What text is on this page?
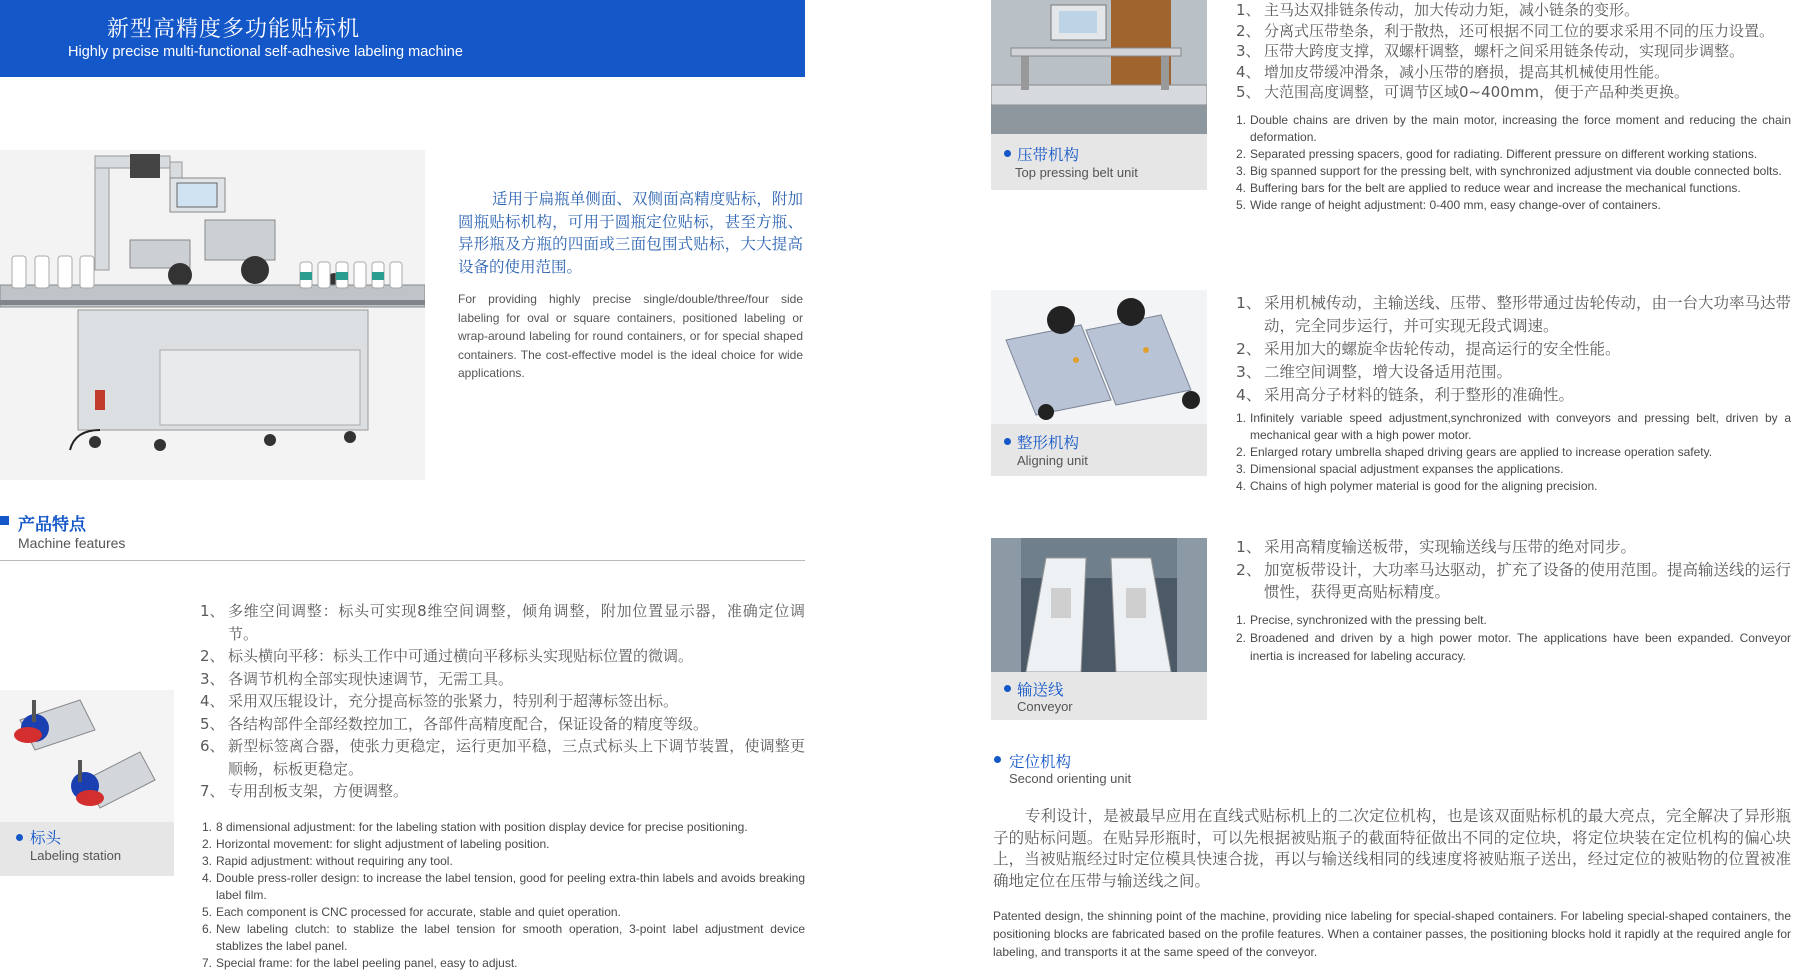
新型高精度多功能贴标机
Highly precise multi-functional self-adhesive labeling machine
适用于扁瓶单侧面、双侧面高精度贴标，附加圆瓶贴标机构，可用于圆瓶定位贴标，甚至方瓶、异形瓶及方瓶的四面或三面包围式贴标，大大提高设备的使用范围。
For providing highly precise single/double/three/four side labeling for oval or square containers, positioned labeling or wrap-around labeling for round containers, or for special shaped containers. The cost-effective model is the ideal choice for wide applications.
产品特点
Machine features
标头
Labeling station
1、 多维空间调整：标头可实现8维空间调整，倾角调整，附加位置显示器，准确定位调节。
2、 标头横向平移：标头工作中可通过横向平移标头实现贴标位置的微调。
3、 各调节机构全部实现快速调节，无需工具。
4、 采用双压辊设计，充分提高标签的张紧力，特别利于超薄标签出标。
5、 各结构部件全部经数控加工，各部件高精度配合，保证设备的精度等级。
6、 新型标签离合器，使张力更稳定，运行更加平稳，三点式标头上下调节装置，使调整更顺畅，标板更稳定。
7、 专用刮板支架，方便调整。
1. 8 dimensional adjustment: for the labeling station with position display device for precise positioning.
2. Horizontal movement: for slight adjustment of labeling position.
3. Rapid adjustment: without requiring any tool.
4. Double press-roller design: to increase the label tension, good for peeling extra-thin labels and avoids breaking label film.
5. Each component is CNC processed for accurate, stable and quiet operation.
6. New labeling clutch: to stablize the label tension for smooth operation, 3-point label adjustment device stablizes the label panel.
7. Special frame: for the label peeling panel, easy to adjust.
压带机构
Top pressing belt unit
1、 主马达双排链条传动，加大传动力矩，减小链条的变形。
2、 分离式压带垫条，利于散热，还可根据不同工位的要求采用不同的压力设置。
3、 压带大跨度支撑，双螺杆调整，螺杆之间采用链条传动，实现同步调整。
4、 增加皮带缓冲滑条，减小压带的磨损，提高其机械使用性能。
5、 大范围高度调整，可调节区域0~400mm，便于产品种类更换。
1. Double chains are driven by the main motor, increasing the force moment and reducing the chain deformation.
2. Separated pressing spacers, good for radiating. Different pressure on different working stations.
3. Big spanned support for the pressing belt, with synchronized adjustment via double connected bolts.
4. Buffering bars for the belt are applied to reduce wear and increase the mechanical functions.
5. Wide range of height adjustment: 0-400 mm, easy change-over of containers.
整形机构
Aligning unit
1、 采用机械传动，主输送线、压带、整形带通过齿轮传动，由一台大功率马达带动，完全同步运行，并可实现无段式调速。
2、 采用加大的螺旋伞齿轮传动，提高运行的安全性能。
3、 二维空间调整，增大设备适用范围。
4、 采用高分子材料的链条，利于整形的准确性。
1. Infinitely variable speed adjustment,synchronized with conveyors and pressing belt, driven by a mechanical gear with a high power motor.
2. Enlarged rotary umbrella shaped driving gears are applied to increase operation safety.
3. Dimensional spacial adjustment expanses the applications.
4. Chains of high polymer material is good for the aligning precision.
输送线
Conveyor
1、 采用高精度输送板带，实现输送线与压带的绝对同步。
2、 加宽板带设计，大功率马达驱动，扩充了设备的使用范围。提高输送线的运行惯性，获得更高贴标精度。
1. Precise, synchronized with the pressing belt.
2. Broadened and driven by a high power motor. The applications have been expanded. Conveyor inertia is increased for labeling accuracy.
定位机构
Second orienting unit
专利设计，是被最早应用在直线式贴标机上的二次定位机构，也是该双面贴标机的最大亮点，完全解决了异形瓶子的贴标问题。在贴异形瓶时，可以先根据被贴瓶子的截面特征做出不同的定位块，将定位块装在定位机构的偏心块上，当被贴瓶经过时定位模具快速合拢，再以与输送线相同的线速度将被贴瓶子送出，经过定位的被贴物的位置被准确地定位在压带与输送线之间。
Patented design, the shinning point of the machine, providing nice labeling for special-shaped containers. For labeling special-shaped containers, the positioning blocks are fabricated based on the profile features. When a container passes, the positioning blocks hold it rapidly at the required angle for labeling, and transports it at the same speed of the conveyor.
